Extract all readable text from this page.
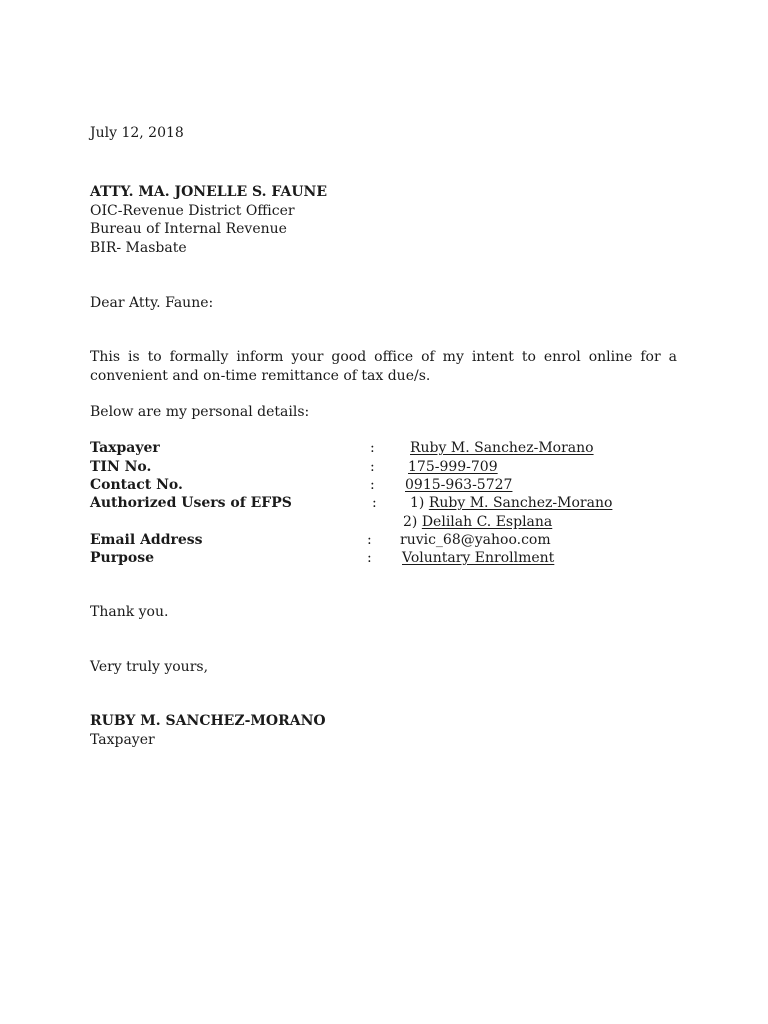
July 12, 2018
ATTY. MA. JONELLE S. FAUNE
OIC-Revenue District Officer
Bureau of Internal Revenue
BIR- Masbate
Dear Atty. Faune:
This is to formally inform your good office of my intent to enrol online for a
convenient and on-time remittance of tax due/s.
Below are my personal details:
Taxpayer	:	Ruby M. Sanchez-Morano
TIN No.	: 175-999-709
Contact No.	: 0915-963-5727
Authorized Users of EFPS	: 1) Ruby M. Sanchez-Morano
2) Delilah C. Esplana
Email Address	: ruvic_68@yahoo.com
Purpose	: Voluntary Enrollment
Thank you.
Very truly yours,
RUBY M. SANCHEZ-MORANO
Taxpayer
